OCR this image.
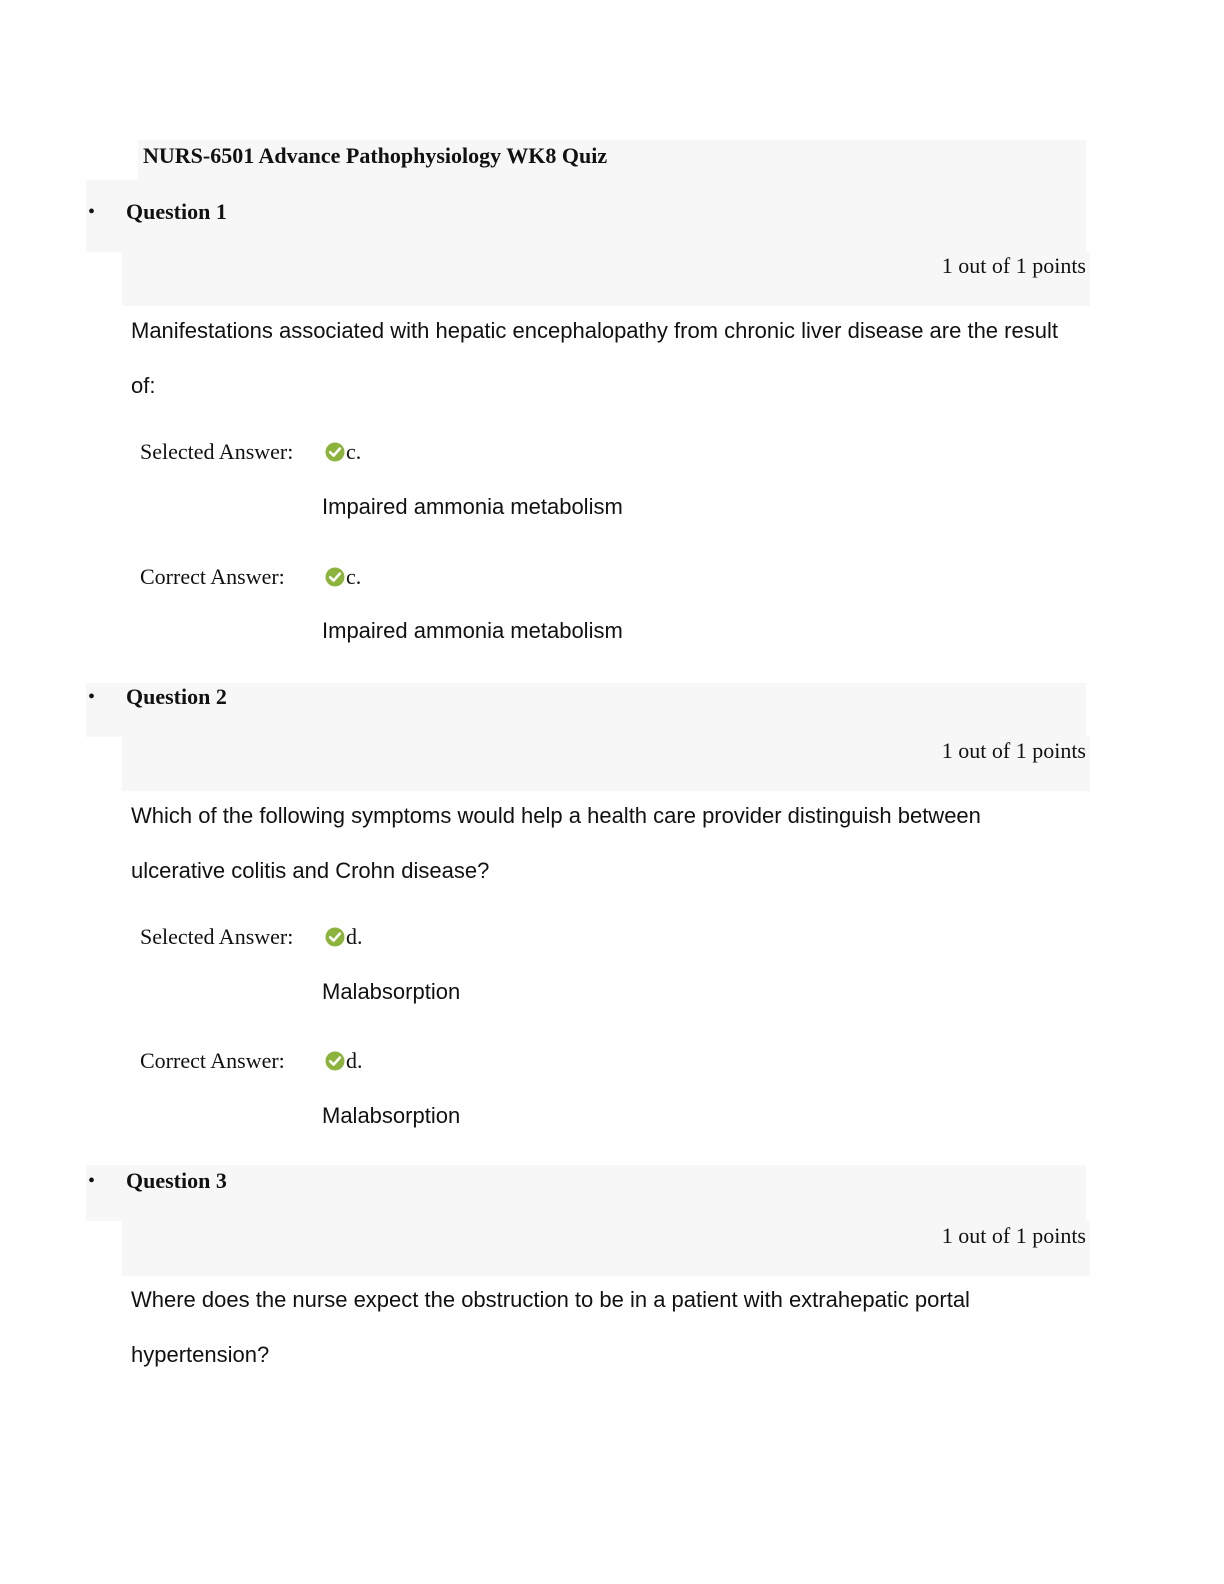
NURS-6501 Advance Pathophysiology WK8 Quiz
• Question 1
1 out of 1 points
Manifestations associated with hepatic encephalopathy from chronic liver disease are the result of:
Selected Answer: c.
Impaired ammonia metabolism
Correct Answer:	c.
Impaired ammonia metabolism
• Question 2
1 out of 1 points
Which of the following symptoms would help a health care provider distinguish between ulcerative colitis and Crohn disease?
Selected Answer: d.
Malabsorption
Correct Answer:	d.
Malabsorption
• Question 3
1 out of 1 points
Where does the nurse expect the obstruction to be in a patient with extrahepatic portal hypertension?
